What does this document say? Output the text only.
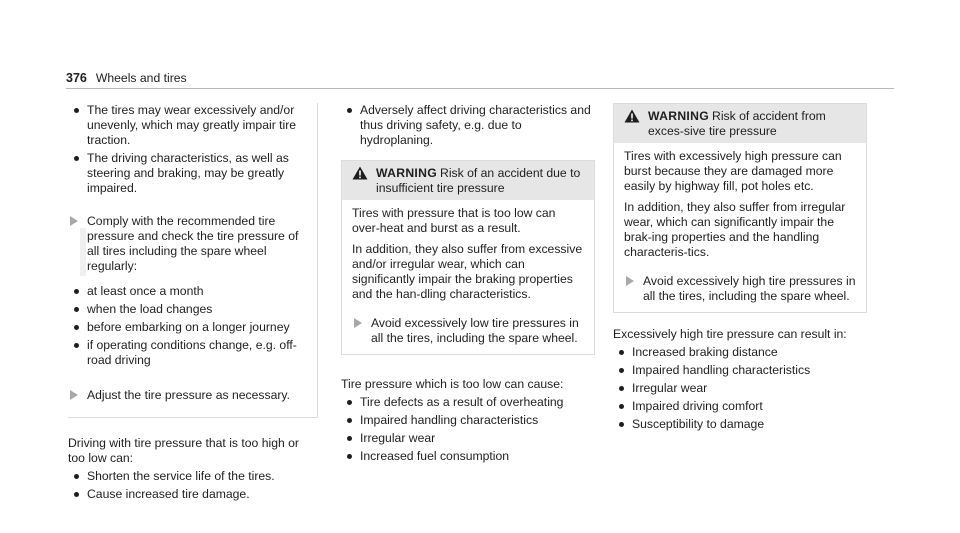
376 Wheels and tires
The tires may wear excessively and/or unevenly, which may greatly impair tire traction.
The driving characteristics, as well as steering and braking, may be greatly impaired.
Comply with the recommended tire pressure and check the tire pressure of all tires including the spare wheel regularly:
at least once a month
when the load changes
before embarking on a longer journey
if operating conditions change, e.g. off-road driving
Adjust the tire pressure as necessary.

Driving with tire pressure that is too high or too low can:

Shorten the service life of the tires.
Cause increased tire damage.
Adversely affect driving characteristics and thus driving safety, e.g. due to hydroplaning.
WARNING Risk of an accident due to insufficient tire pressure

Tires with pressure that is too low can over-heat and burst as a result.

In addition, they also suffer from excessive and/or irregular wear, which can significantly impair the braking properties and the han-dling characteristics.

Avoid excessively low tire pressures in all the tires, including the spare wheel.

Tire pressure which is too low can cause:

Tire defects as a result of overheating
Impaired handling characteristics
Irregular wear
Increased fuel consumption
WARNING Risk of accident from exces-sive tire pressure

Tires with excessively high pressure can burst because they are damaged more easily by highway fill, pot holes etc.

In addition, they also suffer from irregular wear, which can significantly impair the brak-ing properties and the handling characteris-tics.

Avoid excessively high tire pressures in all the tires, including the spare wheel.

Excessively high tire pressure can result in:

Increased braking distance
Impaired handling characteristics
Irregular wear
Impaired driving comfort
Susceptibility to damage
